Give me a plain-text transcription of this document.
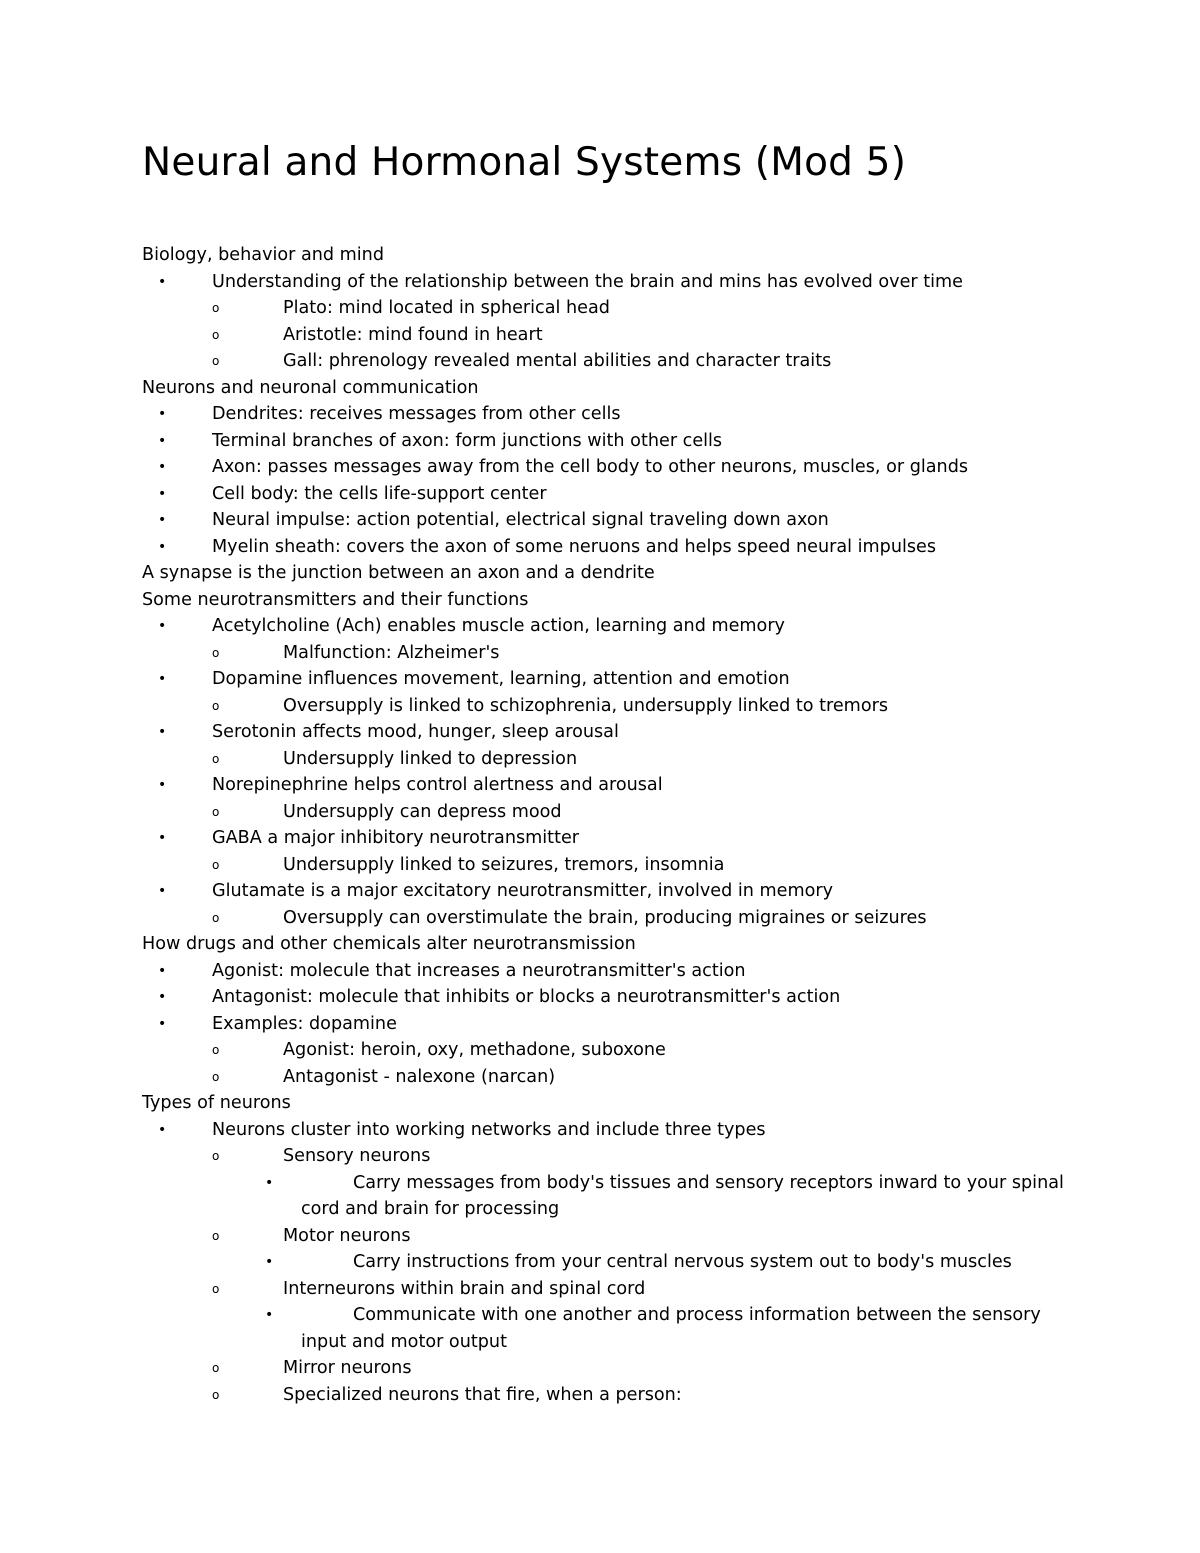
Neural and Hormonal Systems (Mod 5)
Biology, behavior and mind
•	Understanding of the relationship between the brain and mins has evolved over time
o	Plato: mind located in spherical head
o	Aristotle: mind found in heart
o	Gall: phrenology revealed mental abilities and character traits
Neurons and neuronal communication
•	Dendrites: receives messages from other cells
•	Terminal branches of axon: form junctions with other cells
•	Axon: passes messages away from the cell body to other neurons, muscles, or glands
•	Cell body: the cells life-support center
•	Neural impulse: action potential, electrical signal traveling down axon
•	Myelin sheath: covers the axon of some neruons and helps speed neural impulses
A synapse is the junction between an axon and a dendrite
Some neurotransmitters and their functions
•	Acetylcholine (Ach) enables muscle action, learning and memory
o	Malfunction: Alzheimer's
•	Dopamine influences movement, learning, attention and emotion
o	Oversupply is linked to schizophrenia, undersupply linked to tremors
•	Serotonin affects mood, hunger, sleep arousal
o	Undersupply linked to depression
•	Norepinephrine helps control alertness and arousal
o	Undersupply can depress mood
•	GABA a major inhibitory neurotransmitter
o	Undersupply linked to seizures, tremors, insomnia
•	Glutamate is a major excitatory neurotransmitter, involved in memory
o	Oversupply can overstimulate the brain, producing migraines or seizures
How drugs and other chemicals alter neurotransmission
•	Agonist: molecule that increases a neurotransmitter's action
•	Antagonist: molecule that inhibits or blocks a neurotransmitter's action
•	Examples: dopamine
o	Agonist: heroin, oxy, methadone, suboxone
o	Antagonist - nalexone (narcan)
Types of neurons
•	Neurons cluster into working networks and include three types
o	Sensory neurons
•	Carry messages from body's tissues and sensory receptors inward to your spinal
cord and brain for processing
o	Motor neurons
•	Carry instructions from your central nervous system out to body's muscles
o	Interneurons within brain and spinal cord
•	Communicate with one another and process information between the sensory
input and motor output
o	Mirror neurons
o	Specialized neurons that fire, when a person:
